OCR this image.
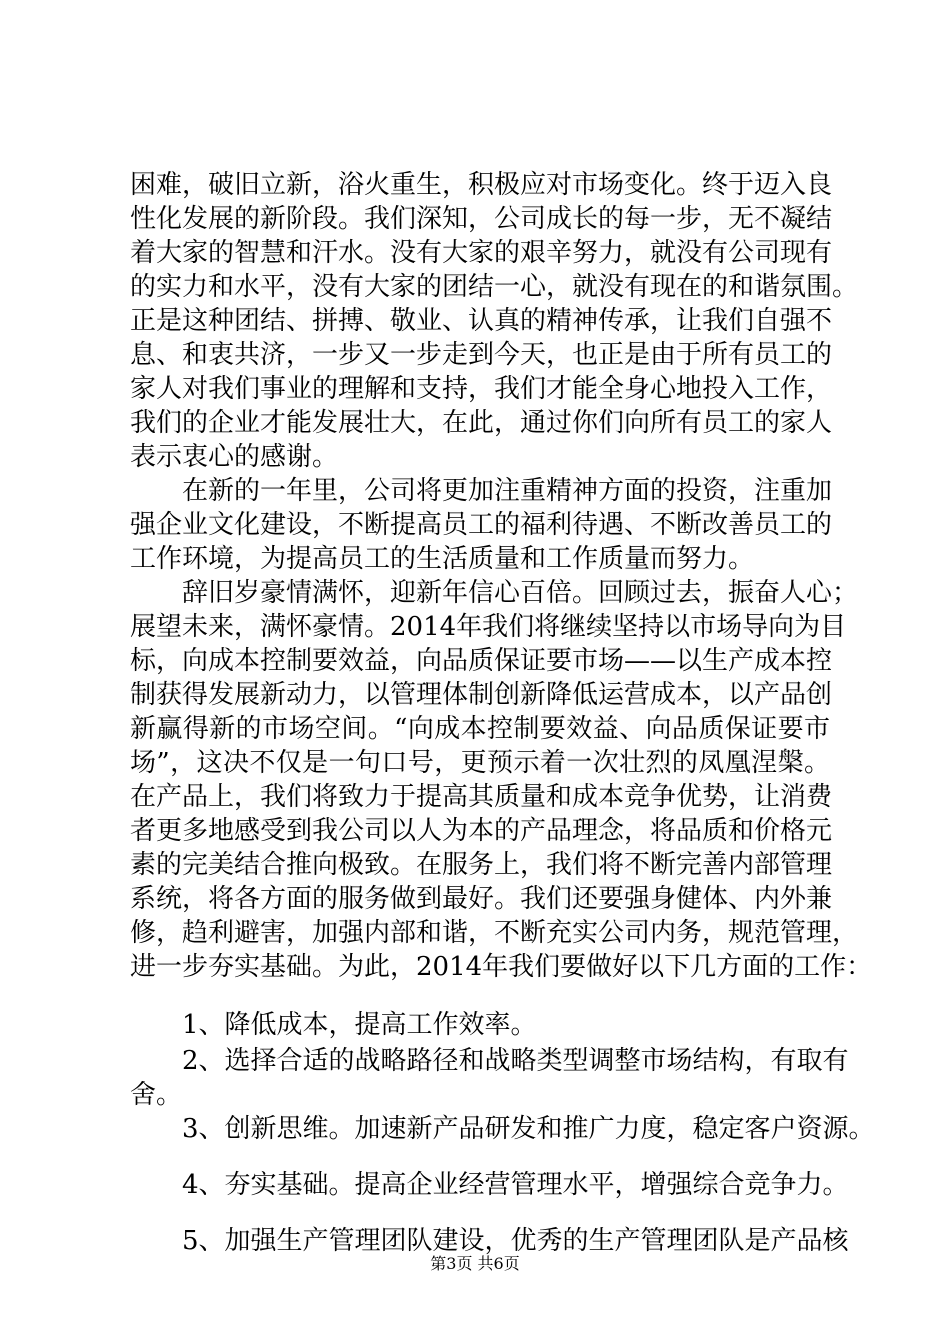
困难，破旧立新，浴火重生，积极应对市场变化。终于迈入良
性化发展的新阶段。我们深知，公司成长的每一步，无不凝结
着大家的智慧和汗水。没有大家的艰辛努力，就没有公司现有
的实力和水平，没有大家的团结一心，就没有现在的和谐氛围。
正是这种团结、拼搏、敬业、认真的精神传承，让我们自强不
息、和衷共济，一步又一步走到今天，也正是由于所有员工的
家人对我们事业的理解和支持，我们才能全身心地投入工作，
我们的企业才能发展壮大，在此，通过你们向所有员工的家人
表示衷心的感谢。
在新的一年里，公司将更加注重精神方面的投资，注重加
强企业文化建设，不断提高员工的福利待遇、不断改善员工的
工作环境，为提高员工的生活质量和工作质量而努力。
辞旧岁豪情满怀，迎新年信心百倍。回顾过去，振奋人心；
展望未来，满怀豪情。2014年我们将继续坚持以市场导向为目
标，向成本控制要效益，向品质保证要市场——以生产成本控
制获得发展新动力，以管理体制创新降低运营成本，以产品创
新赢得新的市场空间。“向成本控制要效益、向品质保证要市
场”，这决不仅是一句口号，更预示着一次壮烈的凤凰涅槃。
在产品上，我们将致力于提高其质量和成本竞争优势，让消费
者更多地感受到我公司以人为本的产品理念，将品质和价格元
素的完美结合推向极致。在服务上，我们将不断完善内部管理
系统，将各方面的服务做到最好。我们还要强身健体、内外兼
修，趋利避害，加强内部和谐，不断充实公司内务，规范管理，
进一步夯实基础。为此，2014年我们要做好以下几方面的工作：
1、降低成本，提高工作效率。
2、选择合适的战略路径和战略类型调整市场结构，有取有
舍。
3、创新思维。加速新产品研发和推广力度，稳定客户资源。
4、夯实基础。提高企业经营管理水平，增强综合竞争力。
5、加强生产管理团队建设，优秀的生产管理团队是产品核
第3页 共6页
